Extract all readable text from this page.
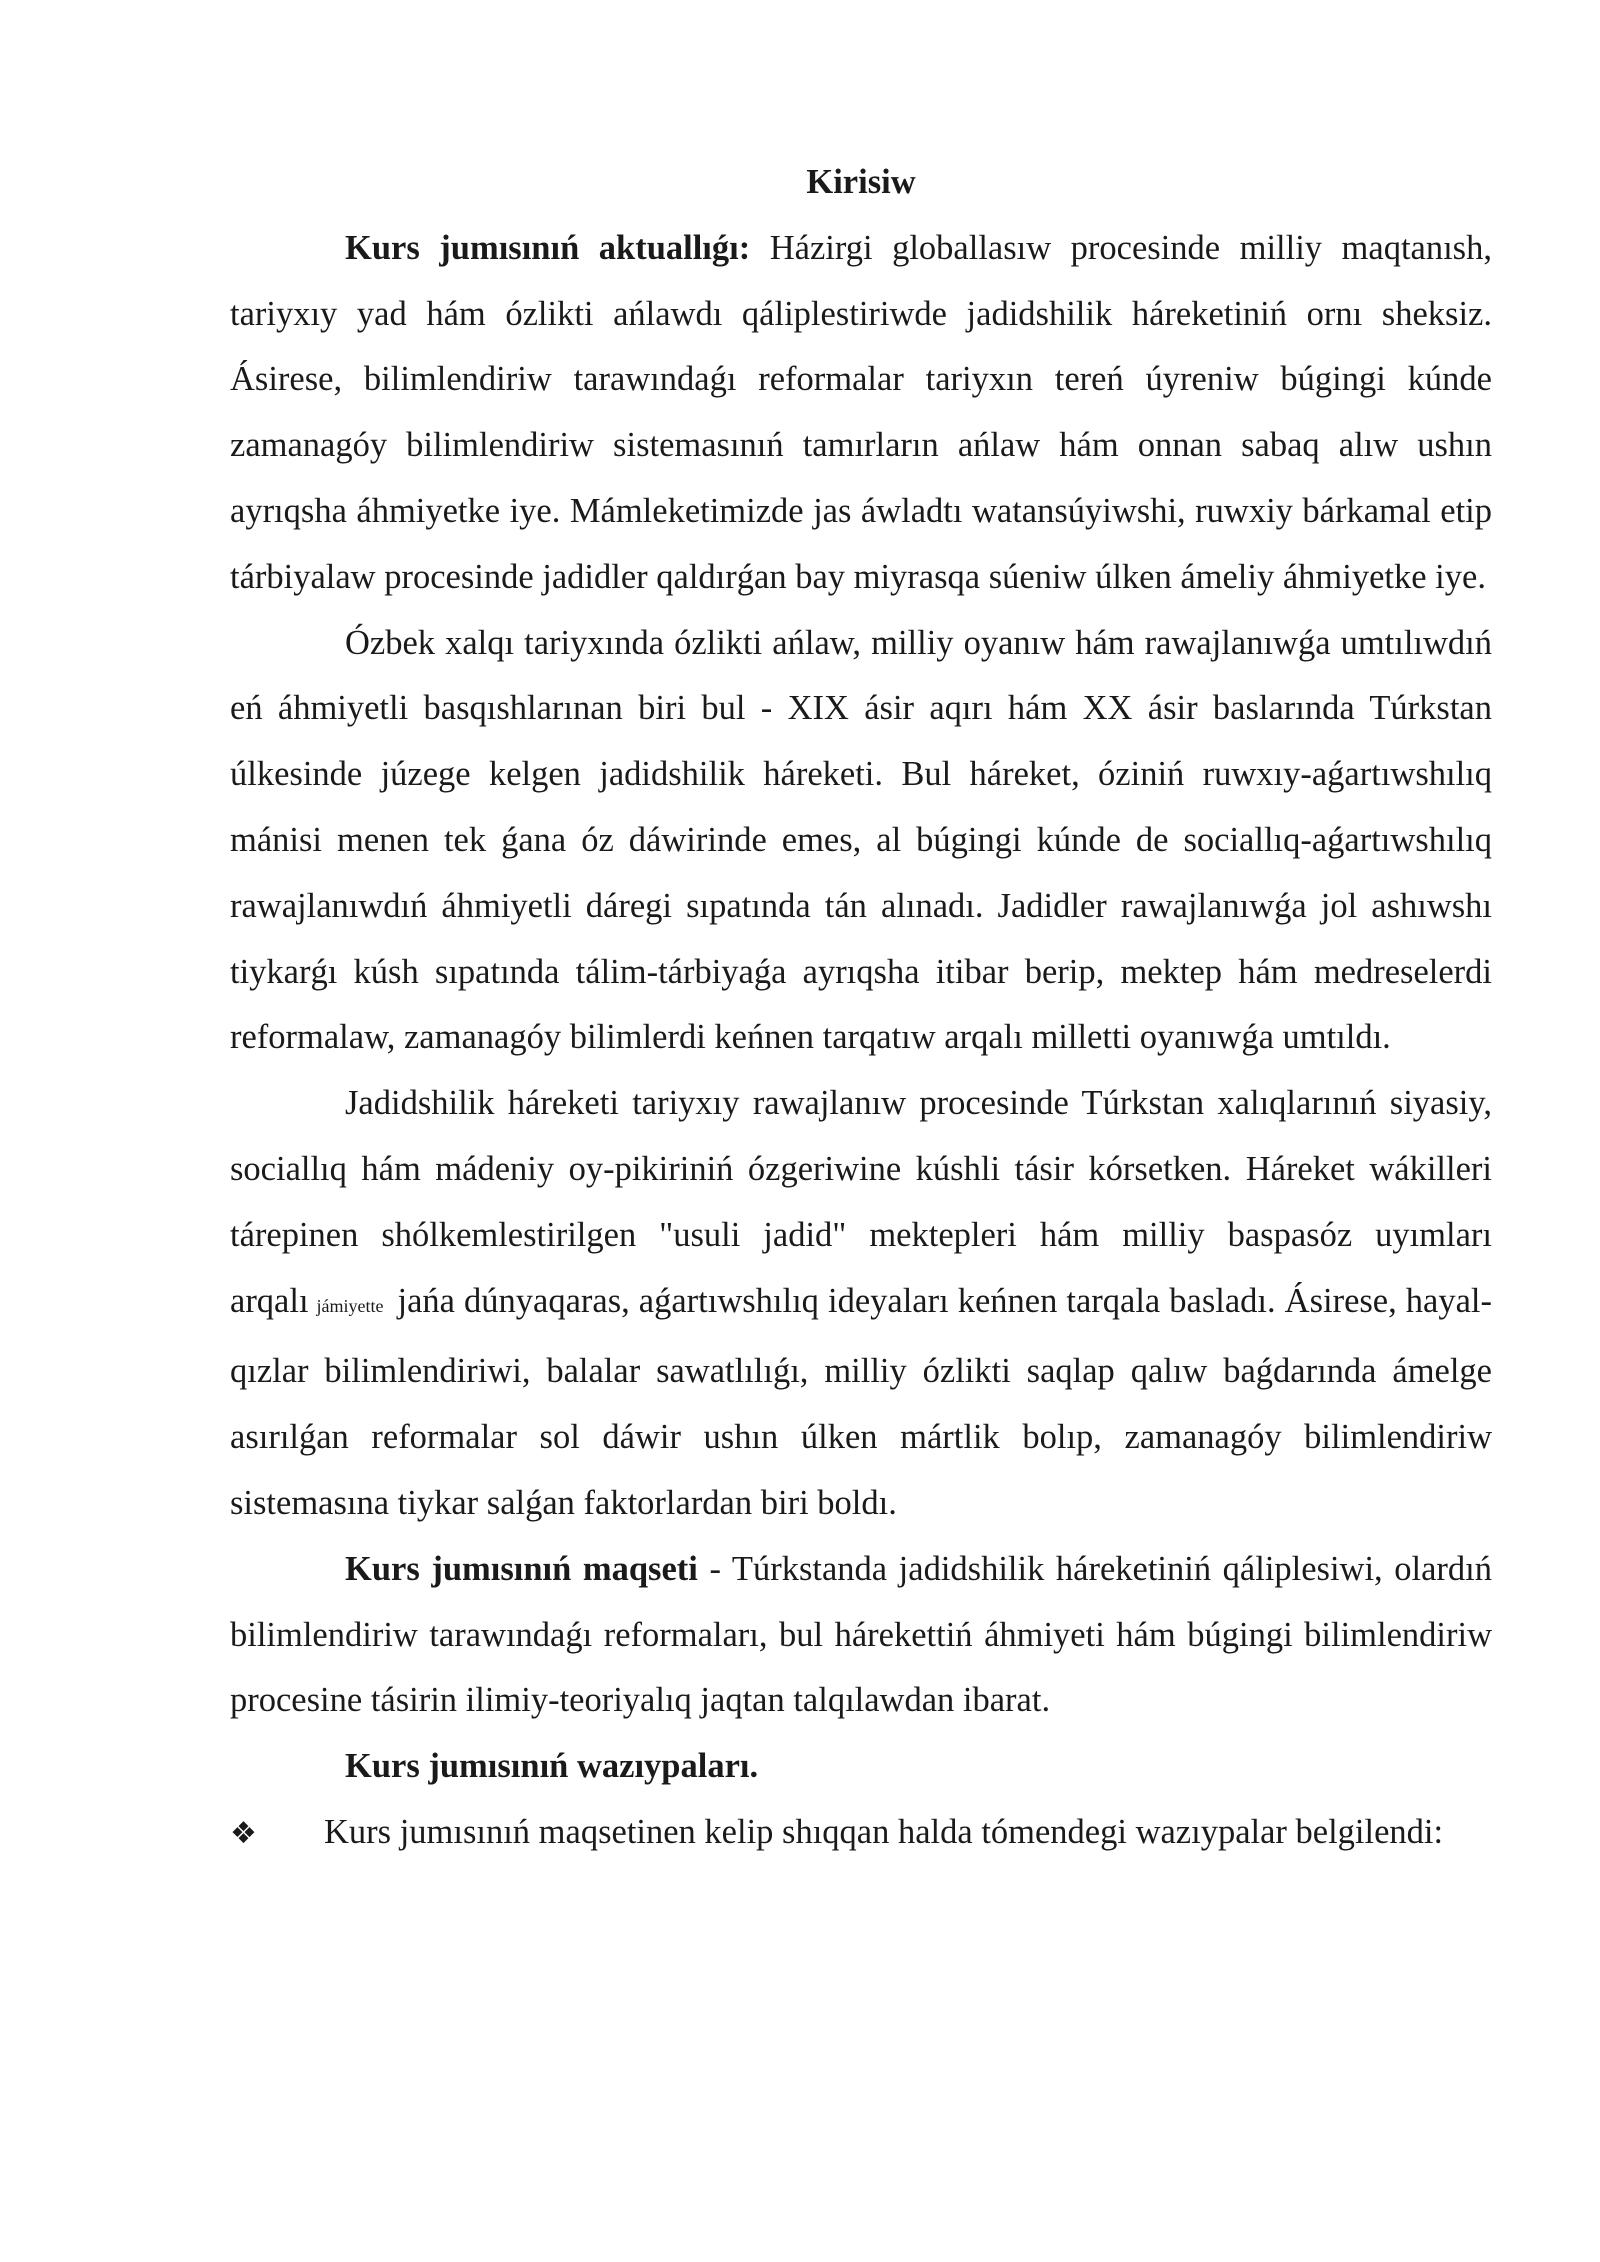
Kirisiw

Kurs jumısınıń aktuallıǵı: Házirgi globallasıw procesinde milliy maqtanısh, tariyxıy yad hám ózlikti ańlawdı qáliplestiriwde jadidshilik háreketiniń ornı sheksiz. Ásirese, bilimlendiriw tarawındaǵı reformalar tariyxın tereń úyreniw búgingi kúnde zamanagóy bilimlendiriw sistemasınıń tamırların ańlaw hám onnan sabaq alıw ushın ayrıqsha áhmiyetke iye. Mámleketimizde jas áwladtı watansúyiwshi, ruwxiy bárkamal etip tárbiyalaw procesinde jadidler qaldırǵan bay miyrasqa súeniw úlken ámeliy áhmiyetke iye.

Ózbek xalqı tariyxında ózlikti ańlaw, milliy oyanıw hám rawajlanıwǵa umtılıwdıń eń áhmiyetli basqıshlarınan biri bul - XIX ásir aqırı hám XX ásir baslarında Túrkstan úlkesinde júzege kelgen jadidshilik háreketi. Bul háreket, óziniń ruwxıy-aǵartıwshılıq mánisi menen tek ǵana óz dáwirinde emes, al búgingi kúnde de sociallıq-aǵartıwshılıq rawajlanıwdıń áhmiyetli dáregi sıpatında tán alınadı. Jadidler rawajlanıwǵa jol ashıwshı tiykarǵı kúsh sıpatında tálim-tárbiyaǵa ayrıqsha itibar berip, mektep hám medreselerdi reformalaw, zamanagóy bilimlerdi keńnen tarqatıw arqalı milletti oyanıwǵa umtıldı.

Jadidshilik háreketi tariyxıy rawajlanıw procesinde Túrkstan xalıqlarınıń siyasiy, sociallıq hám mádeniy oy-pikiriniń ózgeriwine kúshli tásir kórsetken. Háreket wákilleri tárepinen shólkemlestirilgen "usuli jadid" mektepleri hám milliy baspasóz uyımları arqalı jámiyette jańa dúnyaqaras, aǵartıwshılıq ideyaları keńnen tarqala basladı. Ásirese, hayal-qızlar bilimlendiriwi, balalar sawatlılıǵı, milliy ózlikti saqlap qalıw baǵdarında ámelge asırılǵan reformalar sol dáwir ushın úlken mártlik bolıp, zamanagóy bilimlendiriw sistemasına tiykar salǵan faktorlardan biri boldı.

Kurs jumısınıń maqseti - Túrkstanda jadidshilik háreketiniń qáliplesiwi, olardıń bilimlendiriw tarawındaǵı reformaları, bul hárekettiń áhmiyeti hám búgingi bilimlendiriw procesine tásirin ilimiy-teoriyalıq jaqtan talqılawdan ibarat.

Kurs jumısınıń wazıypaları.

❖ Kurs jumısınıń maqsetinen kelip shıqqan halda tómendegi wazıypalar belgilendi:
